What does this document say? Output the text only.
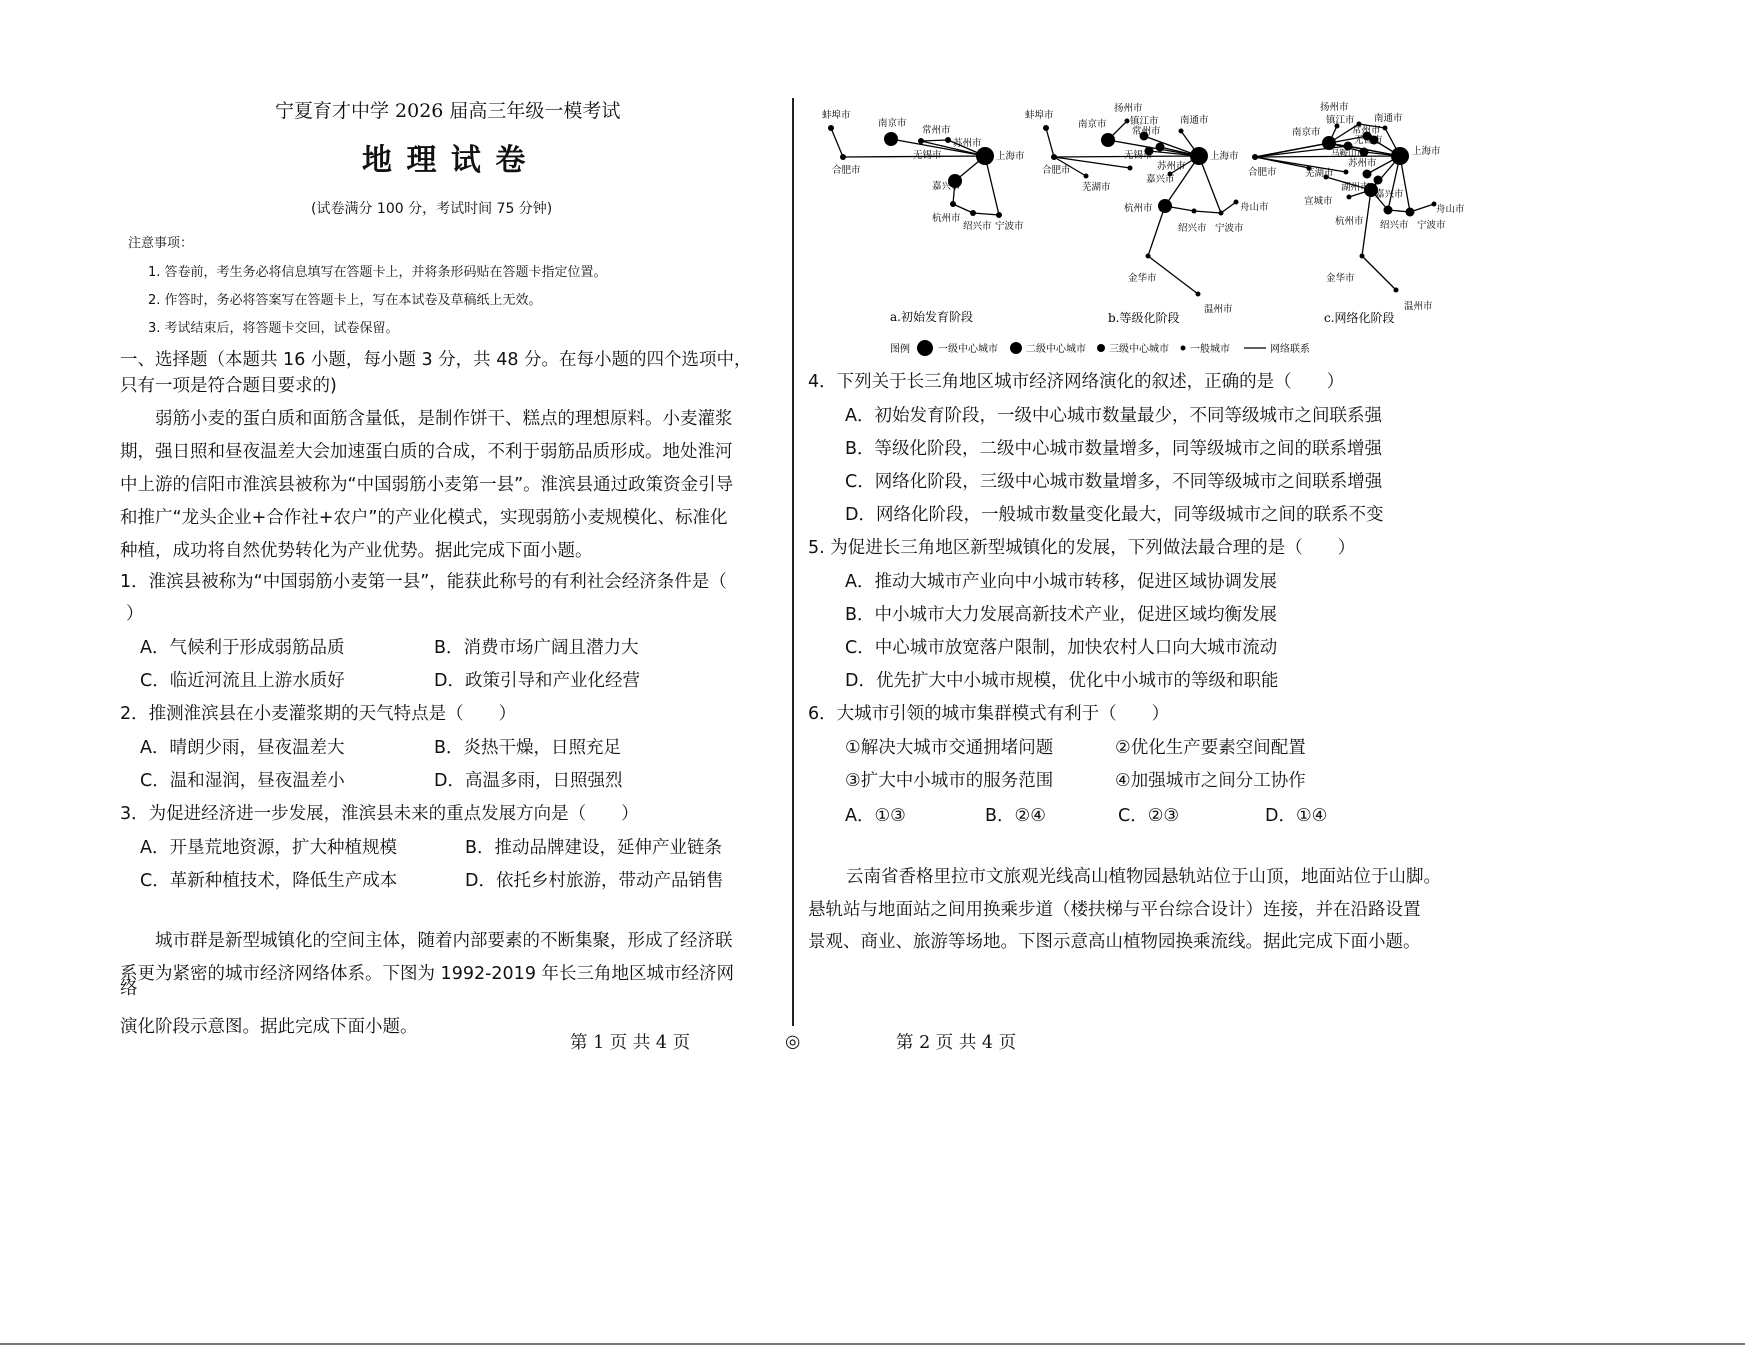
宁夏育才中学 2026 届高三年级一模考试
地 理 试 卷
(试卷满分 100 分，考试时间 75 分钟)
注意事项：
1. 答卷前，考生务必将信息填写在答题卡上，并将条形码贴在答题卡指定位置。
2. 作答时，务必将答案写在答题卡上，写在本试卷及草稿纸上无效。
3. 考试结束后，将答题卡交回，试卷保留。
一、选择题（本题共 16 小题，每小题 3 分，共 48 分。在每小题的四个选项中，
只有一项是符合题目要求的)
弱筋小麦的蛋白质和面筋含量低，是制作饼干、糕点的理想原料。小麦灌浆
期，强日照和昼夜温差大会加速蛋白质的合成，不利于弱筋品质形成。地处淮河
中上游的信阳市淮滨县被称为“中国弱筋小麦第一县”。淮滨县通过政策资金引导
和推广“龙头企业+合作社+农户”的产业化模式，实现弱筋小麦规模化、标准化
种植，成功将自然优势转化为产业优势。据此完成下面小题。
1．淮滨县被称为“中国弱筋小麦第一县”，能获此称号的有利社会经济条件是（
）
A．气候利于形成弱筋品质	B．消费市场广阔且潜力大
C．临近河流且上游水质好	D．政策引导和产业化经营
2．推测淮滨县在小麦灌浆期的天气特点是（　　）
A．晴朗少雨，昼夜温差大	B．炎热干燥，日照充足
C．温和湿润，昼夜温差小	D．高温多雨，日照强烈
3．为促进经济进一步发展，淮滨县未来的重点发展方向是（　　）
A．开垦荒地资源，扩大种植规模	B．推动品牌建设，延伸产业链条
C．革新种植技术，降低生产成本	D．依托乡村旅游，带动产品销售
城市群是新型城镇化的空间主体，随着内部要素的不断集聚，形成了经济联
系更为紧密的城市经济网络体系。下图为 1992-2019 年长三角地区城市经济网
络
演化阶段示意图。据此完成下面小题。
第 1 页 共 4 页	◎	第 2 页 共 4 页
蚌埠市
南京市
常州市
苏州市
无锡市	上海市
合肥市
嘉兴市
杭州市
绍兴市 宁波市
蚌埠市
南京市
扬州市
镇江市
常州市
南通市
无锡市
苏州市
上海市
合肥市
嘉兴市
芜湖市
杭州市	舟山市
绍兴市 宁波市
金华市
温州市
扬州市
镇江市 南通市
南京市	常州市
马鞍山市
无锡市
上海市
苏州市
合肥市	芜湖市
湖州市
宣城市
嘉兴市
舟山市
杭州市 绍兴市 宁波市
金华市
温州市
a.初始发育阶段	b.等级化阶段	c.网络化阶段
图例	一级中心城市	二级中心城市 三级中心城市 一般城市	网络联系
4．下列关于长三角地区城市经济网络演化的叙述，正确的是（　　）
A．初始发育阶段，一级中心城市数量最少，不同等级城市之间联系强
B．等级化阶段，二级中心城市数量增多，同等级城市之间的联系增强
C．网络化阶段，三级中心城市数量增多，不同等级城市之间联系增强
D．网络化阶段，一般城市数量变化最大，同等级城市之间的联系不变
5. 为促进长三角地区新型城镇化的发展，下列做法最合理的是（　　）
A．推动大城市产业向中小城市转移，促进区域协调发展
B．中小城市大力发展高新技术产业，促进区域均衡发展
C．中心城市放宽落户限制，加快农村人口向大城市流动
D．优先扩大中小城市规模，优化中小城市的等级和职能
6．大城市引领的城市集群模式有利于（　　）
①解决大城市交通拥堵问题	②优化生产要素空间配置
③扩大中小城市的服务范围	④加强城市之间分工协作
A．①③	B．②④	C．②③	D．①④
云南省香格里拉市文旅观光线高山植物园悬轨站位于山顶，地面站位于山脚。
悬轨站与地面站之间用换乘步道（楼扶梯与平台综合设计）连接，并在沿路设置
景观、商业、旅游等场地。下图示意高山植物园换乘流线。据此完成下面小题。
